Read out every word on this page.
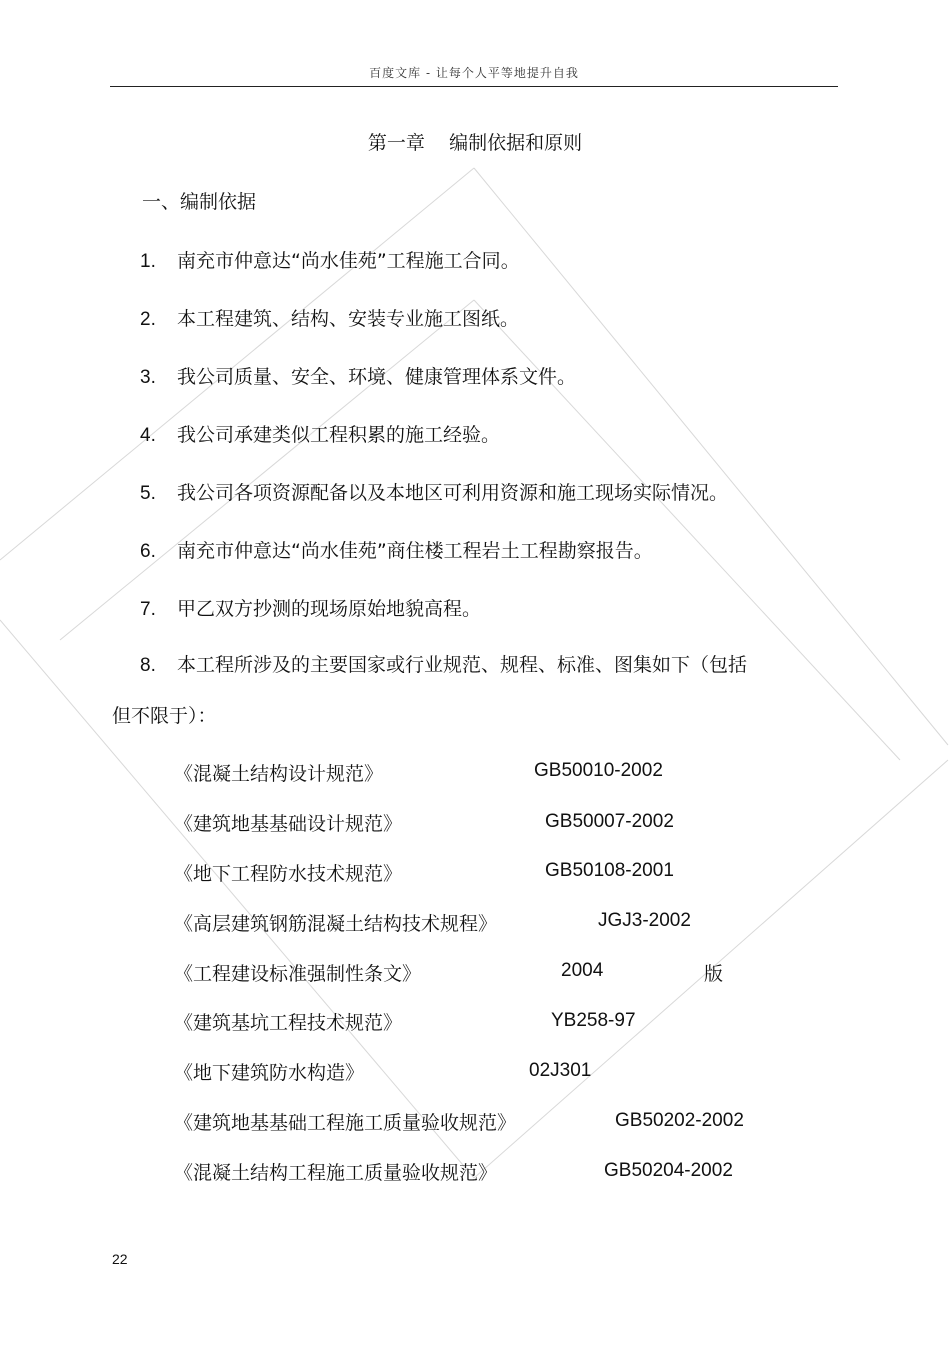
百度文库 - 让每个人平等地提升自我
第一章    编制依据和原则
一、编制依据
1. 南充市仲意达“尚水佳苑”工程施工合同。
2. 本工程建筑、结构、安装专业施工图纸。
3. 我公司质量、安全、环境、健康管理体系文件。
4. 我公司承建类似工程积累的施工经验。
5. 我公司各项资源配备以及本地区可利用资源和施工现场实际情况。
6. 南充市仲意达“尚水佳苑”商住楼工程岩土工程勘察报告。
7. 甲乙双方抄测的现场原始地貌高程。
8. 本工程所涉及的主要国家或行业规范、规程、标准、图集如下（包括
但不限于）：
《混凝土结构设计规范》	GB50010-2002
《建筑地基基础设计规范》	GB50007-2002
《地下工程防水技术规范》	GB50108-2001
《高层建筑钢筋混凝土结构技术规程》	JGJ3-2002
《工程建设标准强制性条文》	2004	版
《建筑基坑工程技术规范》	YB258-97
《地下建筑防水构造》	02J301
《建筑地基基础工程施工质量验收规范》	GB50202-2002
《混凝土结构工程施工质量验收规范》	GB50204-2002
22
